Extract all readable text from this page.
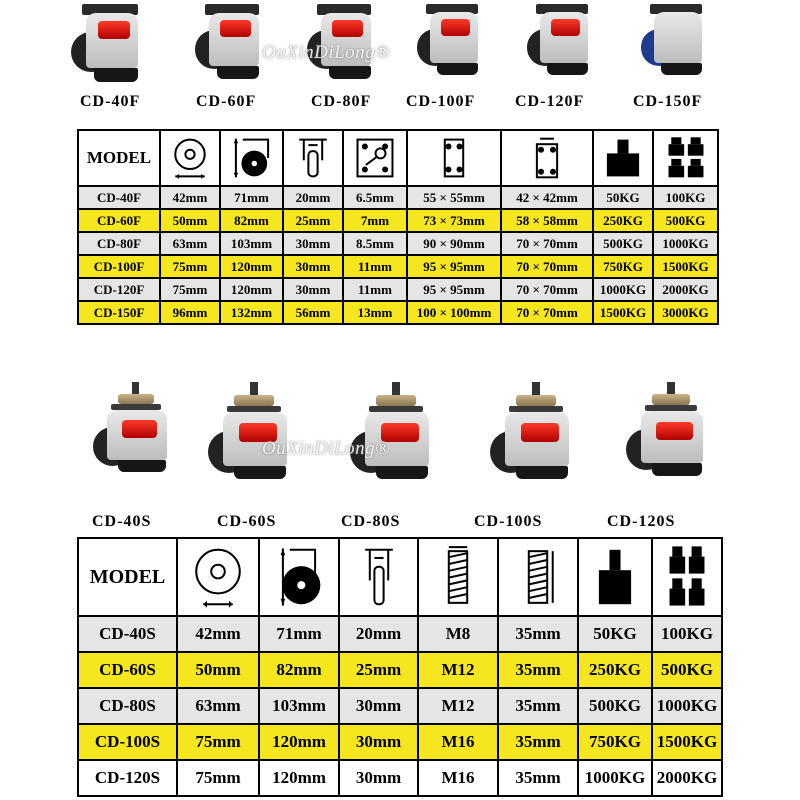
OuXinDiLong®
MODEL	

CD-40F	42mm	71mm	20mm	6.5mm	55 × 55mm	42 × 42mm	50KG	100KG
CD-60F	50mm	82mm	25mm	7mm	73 × 73mm	58 × 58mm	250KG	500KG
CD-80F	63mm	103mm	30mm	8.5mm	90 × 90mm	70 × 70mm	500KG	1000KG
CD-100F	75mm	120mm	30mm	11mm	95 × 95mm	70 × 70mm	750KG	1500KG
CD-120F	75mm	120mm	30mm	11mm	95 × 95mm	70 × 70mm	1000KG	2000KG
CD-150F	96mm	132mm	56mm	13mm	100 × 100mm	70 × 70mm	1500KG	3000KG
OuXinDiLong®
MODEL	

CD-40S	42mm	71mm	20mm	M8	35mm	50KG	100KG
CD-60S	50mm	82mm	25mm	M12	35mm	250KG	500KG
CD-80S	63mm	103mm	30mm	M12	35mm	500KG	1000KG
CD-100S	75mm	120mm	30mm	M16	35mm	750KG	1500KG
CD-120S	75mm	120mm	30mm	M16	35mm	1000KG	2000KG
CD-40F	CD-60F	CD-80F CD-100F CD-120F	CD-150F
CD-40S	CD-60S	CD-80S	CD-100S	CD-120S
